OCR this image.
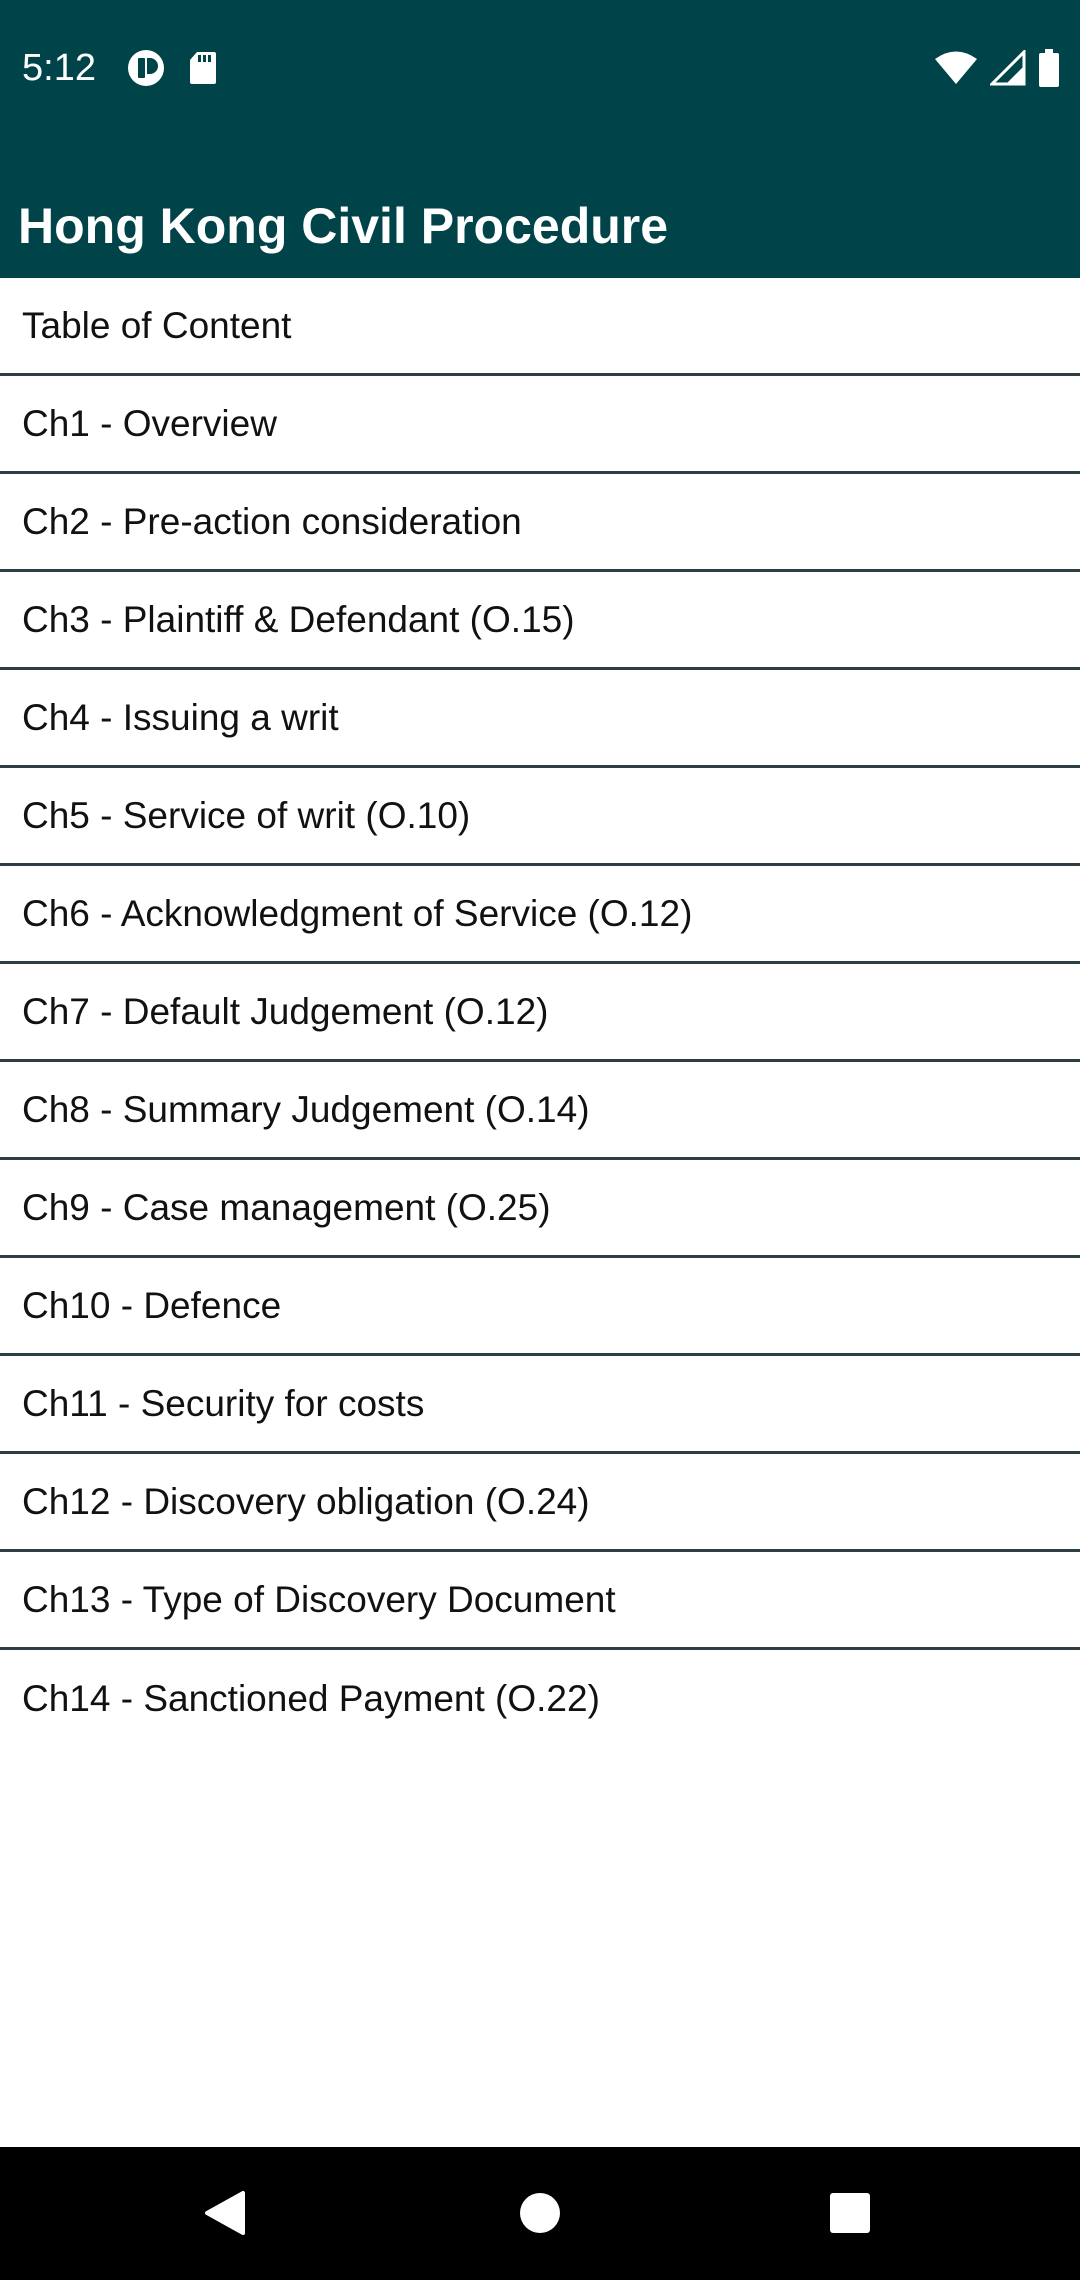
5:12
Hong Kong Civil Procedure
Table of Content
Ch1 - Overview
Ch2 - Pre-action consideration
Ch3 - Plaintiff & Defendant (O.15)
Ch4 - Issuing a writ
Ch5 - Service of writ (O.10)
Ch6 - Acknowledgment of Service (O.12)
Ch7 - Default Judgement (O.12)
Ch8 - Summary Judgement (O.14)
Ch9 - Case management (O.25)
Ch10 - Defence
Ch11 - Security for costs
Ch12 - Discovery obligation (O.24)
Ch13 - Type of Discovery Document
Ch14 - Sanctioned Payment (O.22)
